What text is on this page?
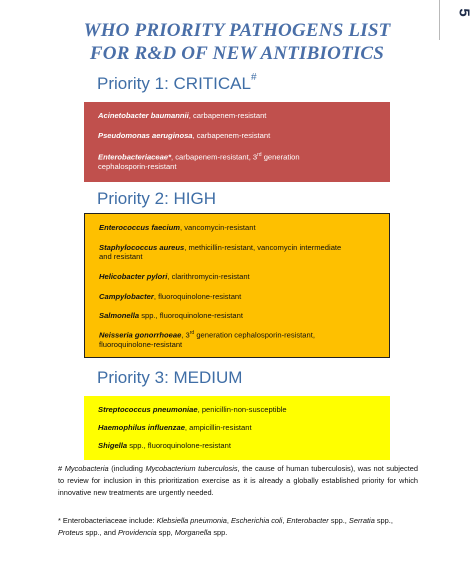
5
WHO PRIORITY PATHOGENS LIST
FOR R&D OF NEW ANTIBIOTICS
Priority 1: CRITICAL#
Acinetobacter baumannii, carbapenem-resistant
Pseudomonas aeruginosa, carbapenem-resistant
Enterobacteriaceae*, carbapenem-resistant, 3rd generation cephalosporin-resistant
Priority 2: HIGH
Enterococcus faecium, vancomycin-resistant
Staphylococcus aureus, methicillin-resistant, vancomycin intermediate and resistant
Helicobacter pylori, clarithromycin-resistant
Campylobacter, fluoroquinolone-resistant
Salmonella spp., fluoroquinolone-resistant
Neisseria gonorrhoeae, 3rd generation cephalosporin-resistant, fluoroquinolone-resistant
Priority 3: MEDIUM
Streptococcus pneumoniae, penicillin-non-susceptible
Haemophilus influenzae, ampicillin-resistant
Shigella spp., fluoroquinolone-resistant
# Mycobacteria (including Mycobacterium tuberculosis, the cause of human tuberculosis), was not subjected to review for inclusion in this prioritization exercise as it is already a globally established priority for which innovative new treatments are urgently needed.
* Enterobacteriaceae include: Klebsiella pneumonia, Escherichia coli, Enterobacter spp., Serratia spp., Proteus spp., and Providencia spp, Morganella spp.
